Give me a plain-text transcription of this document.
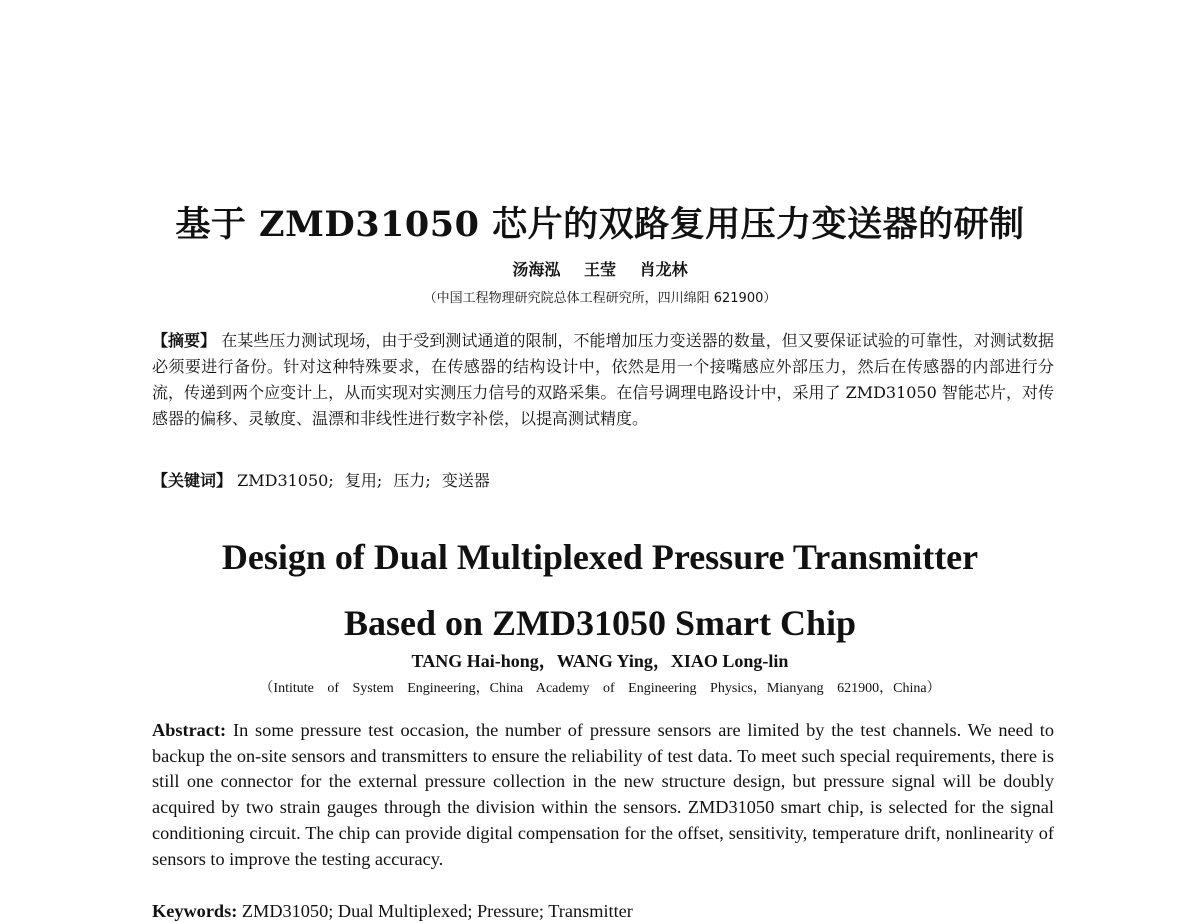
基于 ZMD31050 芯片的双路复用压力变送器的研制
汤海泓 王莹 肖龙林
（中国工程物理研究院总体工程研究所，四川绵阳 621900）
【摘要】 在某些压力测试现场，由于受到测试通道的限制，不能增加压力变送器的数量，但又要保证试验的可靠性，对测试数据必须要进行备份。针对这种特殊要求，在传感器的结构设计中，依然是用一个接嘴感应外部压力，然后在传感器的内部进行分流，传递到两个应变计上，从而实现对实测压力信号的双路采集。在信号调理电路设计中，采用了 ZMD31050 智能芯片，对传感器的偏移、灵敏度、温漂和非线性进行数字补偿，以提高测试精度。
【关键词】 ZMD31050; 复用; 压力; 变送器
Design of Dual Multiplexed Pressure Transmitter
Based on ZMD31050 Smart Chip
TANG Hai-hong，WANG Ying，XIAO Long-lin
（Intitute of System Engineering，China Academy of Engineering Physics，Mianyang 621900，China）
Abstract: In some pressure test occasion, the number of pressure sensors are limited by the test channels. We need to backup the on-site sensors and transmitters to ensure the reliability of test data. To meet such special requirements, there is still one connector for the external pressure collection in the new structure design, but pressure signal will be doubly acquired by two strain gauges through the division within the sensors. ZMD31050 smart chip, is selected for the signal conditioning circuit. The chip can provide digital compensation for the offset, sensitivity, temperature drift, nonlinearity of sensors to improve the testing accuracy.
Keywords: ZMD31050; Dual Multiplexed; Pressure; Transmitter
